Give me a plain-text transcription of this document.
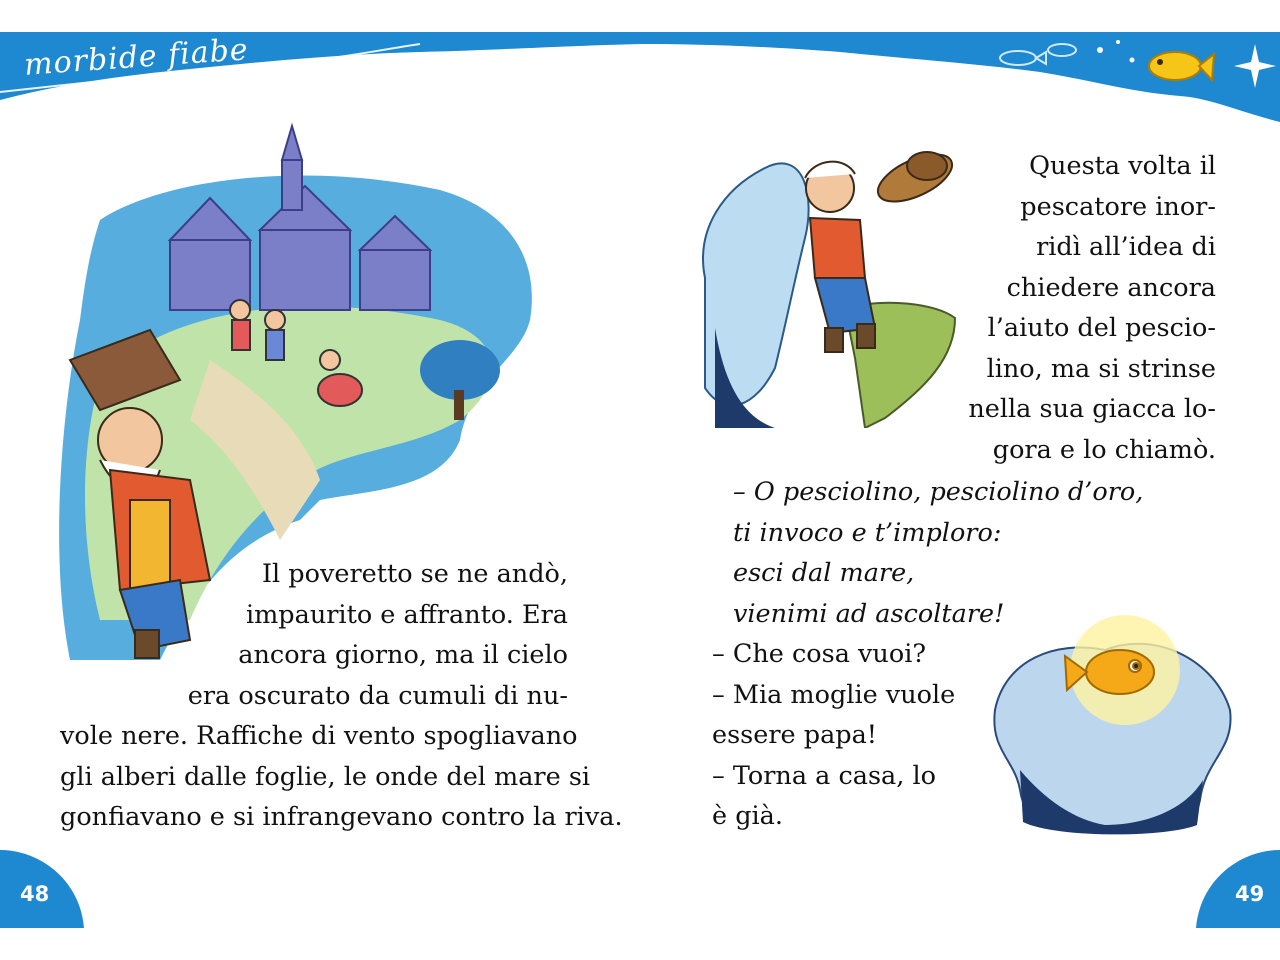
morbide fiabe
Il poveretto se ne andò,
impaurito e affranto. Era
ancora giorno, ma il cielo
era oscurato da cumuli di nu-
vole nere. Raffiche di vento spogliavano
gli alberi dalle foglie, le onde del mare si
gonfiavano e si infrangevano contro la riva.
Questa volta il
pescatore inor-
ridì all’idea di
chiedere ancora
l’aiuto del pescio-
lino, ma si strinse
nella sua giacca lo-
gora e lo chiamò.
– O pesciolino, pesciolino d’oro,
ti invoco e t’imploro:
esci dal mare,
vienimi ad ascoltare!
– Che cosa vuoi?
– Mia moglie vuole
essere papa!
– Torna a casa, lo
è già.
48	49
